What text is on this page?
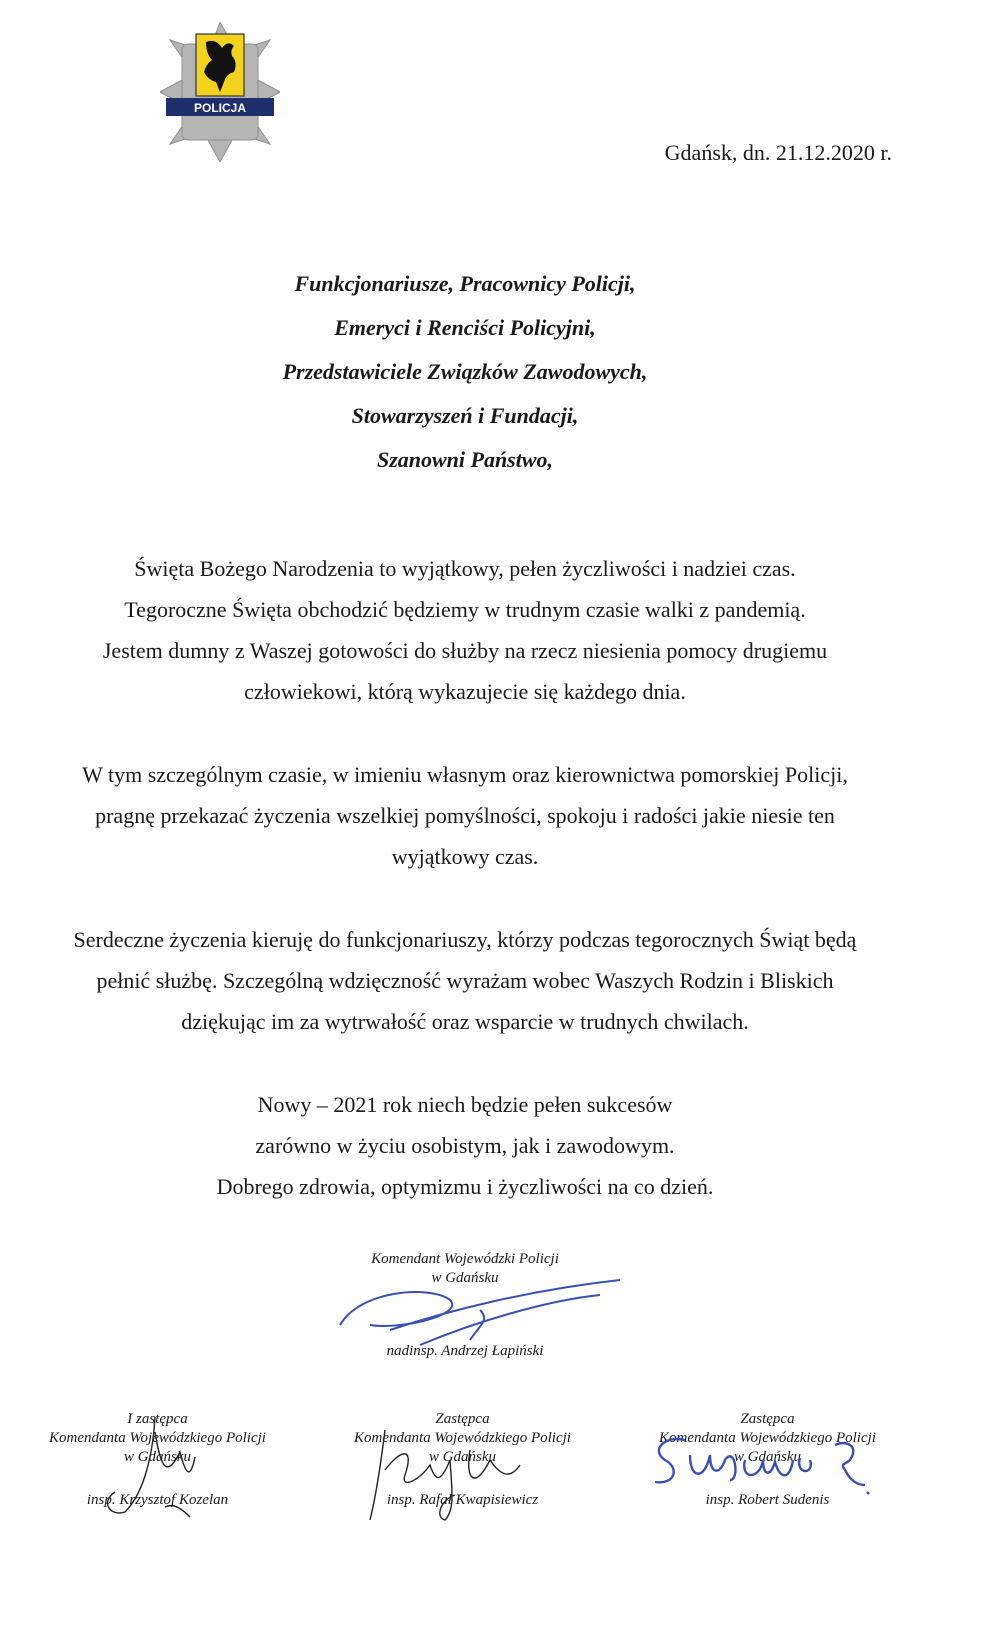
POLICJA
Gdańsk, dn. 21.12.2020 r.
Funkcjonariusze, Pracownicy Policji,
Emeryci i Renciści Policyjni,
Przedstawiciele Związków Zawodowych,
Stowarzyszeń i Fundacji,
Szanowni Państwo,
Święta Bożego Narodzenia to wyjątkowy, pełen życzliwości i nadziei czas.
Tegoroczne Święta obchodzić będziemy w trudnym czasie walki z pandemią.
Jestem dumny z Waszej gotowości do służby na rzecz niesienia pomocy drugiemu
człowiekowi, którą wykazujecie się każdego dnia.
W tym szczególnym czasie, w imieniu własnym oraz kierownictwa pomorskiej Policji,
pragnę przekazać życzenia wszelkiej pomyślności, spokoju i radości jakie niesie ten
wyjątkowy czas.
Serdeczne życzenia kieruję do funkcjonariuszy, którzy podczas tegorocznych Świąt będą
pełnić służbę. Szczególną wdzięczność wyrażam wobec Waszych Rodzin i Bliskich
dziękując im za wytrwałość oraz wsparcie w trudnych chwilach.
Nowy – 2021 rok niech będzie pełen sukcesów
zarówno w życiu osobistym, jak i zawodowym.
Dobrego zdrowia, optymizmu i życzliwości na co dzień.
Komendant Wojewódzki Policji
w Gdańsku
nadinsp. Andrzej Łapiński
I zastępca
Komendanta Wojewódzkiego Policji
w Gdańsku
insp. Krzysztof Kozelan
Zastępca
Komendanta Wojewódzkiego Policji
w Gdańsku
insp. Rafał Kwapisiewicz
Zastępca
Komendanta Wojewódzkiego Policji
w Gdańsku
insp. Robert Sudenis
